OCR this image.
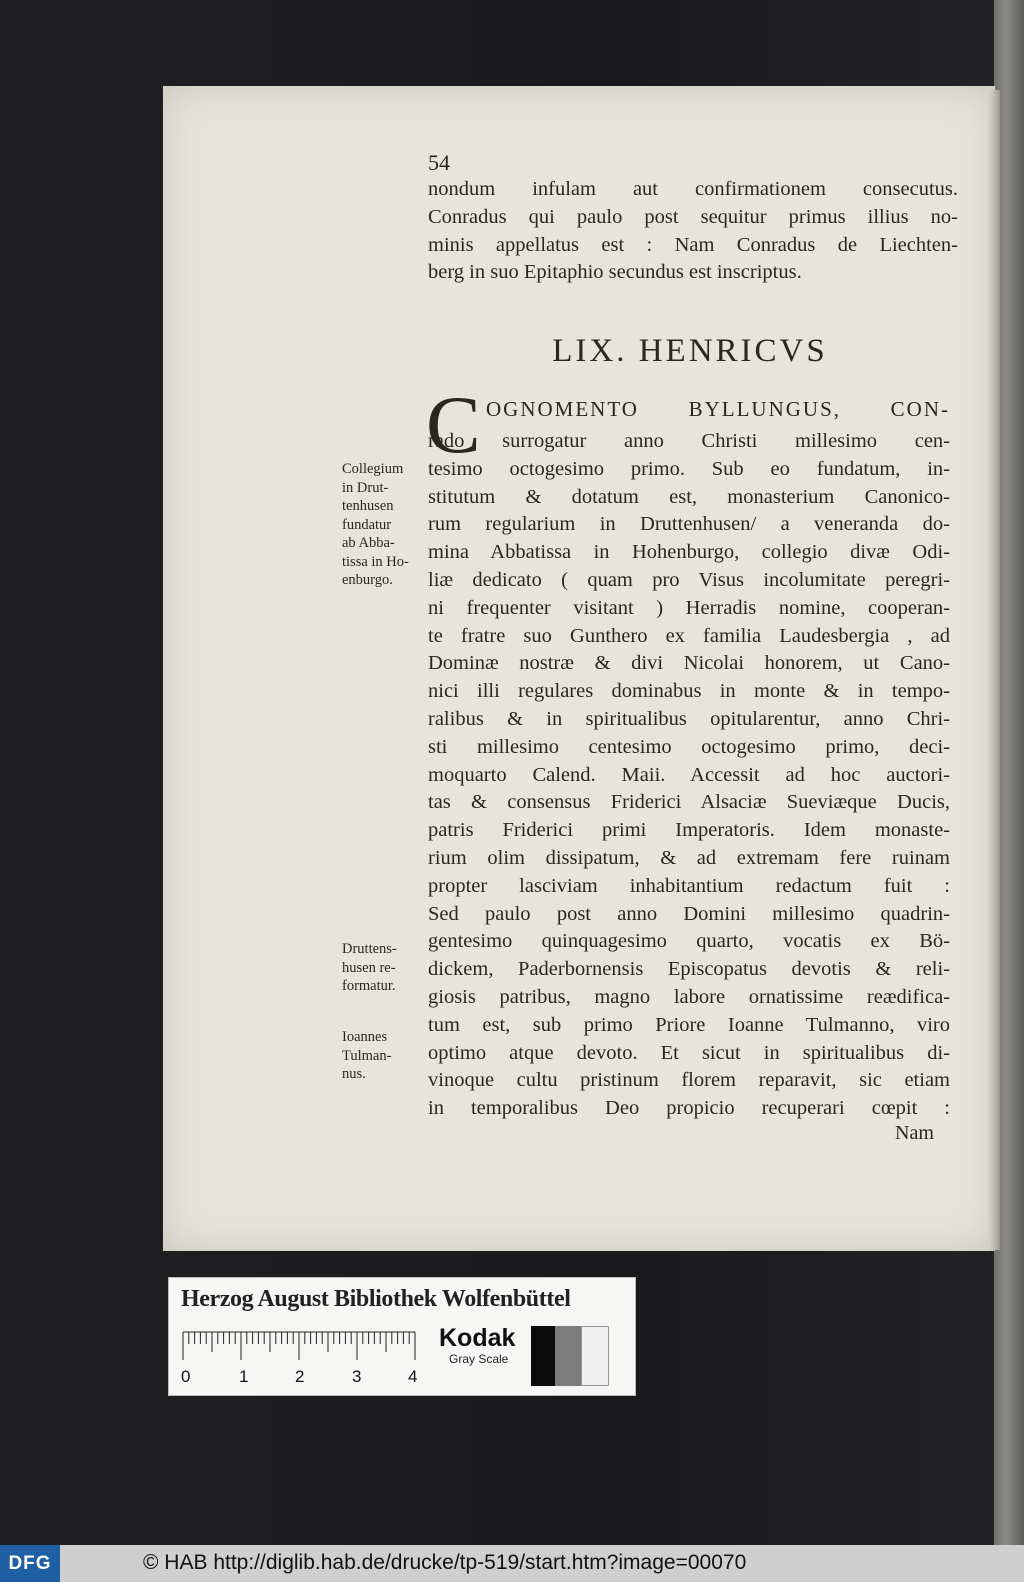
54
nondum infulam aut confirmationem consecutus.
Conradus qui paulo post sequitur primus illius no-
minis appellatus est : Nam Conradus de Liechten-
berg in suo Epitaphio secundus est inscriptus.
LIX. HENRICVS
C OGNOMENTO BYLLUNGUS, CON-
rado surrogatur anno Christi millesimo cen-
tesimo octogesimo primo. Sub eo fundatum, in-
stitutum & dotatum est, monasterium Canonico-
rum regularium in Druttenhusen/ a veneranda do-
mina Abbatissa in Hohenburgo, collegio divæ Odi-
liæ dedicato ( quam pro Visus incolumitate peregri-
ni frequenter visitant ) Herradis nomine, cooperan-
te fratre suo Gunthero ex familia Laudesbergia , ad
Dominæ nostræ & divi Nicolai honorem, ut Cano-
nici illi regulares dominabus in monte & in tempo-
ralibus & in spiritualibus opitularentur, anno Chri-
sti millesimo centesimo octogesimo primo, deci-
moquarto Calend. Maii. Accessit ad hoc auctori-
tas & consensus Friderici Alsaciæ Sueviæque Ducis,
patris Friderici primi Imperatoris. Idem monaste-
rium olim dissipatum, & ad extremam fere ruinam
propter lasciviam inhabitantium redactum fuit :
Sed paulo post anno Domini millesimo quadrin-
gentesimo quinquagesimo quarto, vocatis ex Bö-
dickem, Paderbornensis Episcopatus devotis & reli-
giosis patribus, magno labore ornatissime reædifica-
tum est, sub primo Priore Ioanne Tulmanno, viro
optimo atque devoto. Et sicut in spiritualibus di-
vinoque cultu pristinum florem reparavit, sic etiam
in temporalibus Deo propicio recuperari cœpit :
Nam
Collegium
in Drut-
tenhusen
fundatur
ab Abba-
tissa in Ho-
enburgo.
Druttens-
husen re-
formatur.
Ioannes
Tulman-
nus.
Herzog August Bibliothek Wolfenbüttel
0	1	2	3	4
Kodak
Gray Scale
DFG	© HAB http://diglib.hab.de/drucke/tp-519/start.htm?image=00070
